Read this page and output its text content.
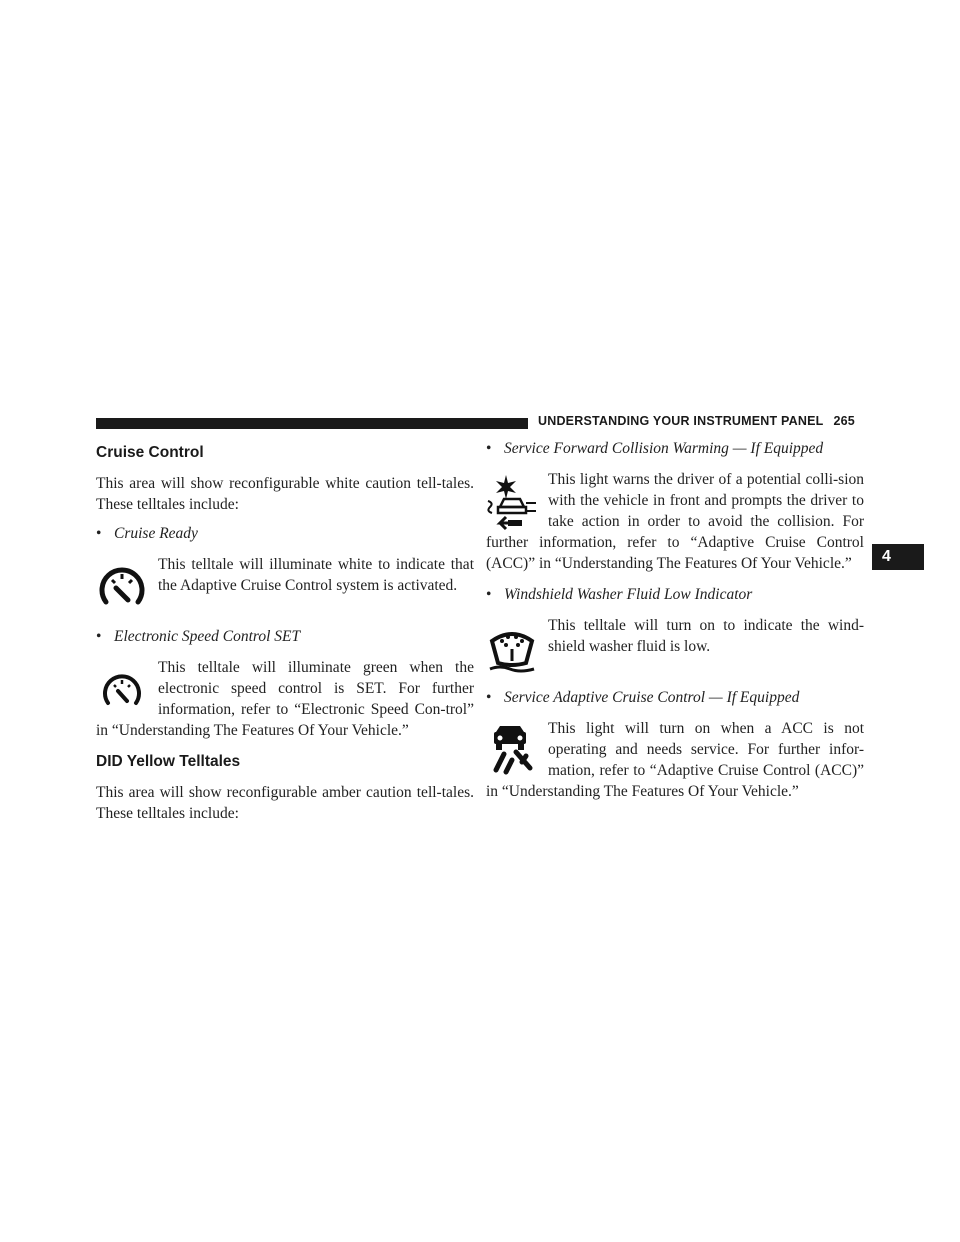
UNDERSTANDING YOUR INSTRUMENT PANEL 265
4
Cruise Control

This area will show reconfigurable white caution tell-tales. These telltales include:

• Cruise Ready
This telltale will illuminate white to indicate that the Adaptive Cruise Control system is activated.
• Electronic Speed Control SET
This telltale will illuminate green when the electronic speed control is SET. For further information, refer to “Electronic Speed Con-trol” in “Understanding The Features Of Your Vehicle.”
DID Yellow Telltales

This area will show reconfigurable amber caution tell-tales. These telltales include:

• Service Forward Collision Warming — If Equipped
This light warns the driver of a potential colli-sion with the vehicle in front and prompts the driver to take action in order to avoid the collision. For further information, refer to “Adaptive Cruise Control (ACC)” in “Understanding The Features Of Your Vehicle.”
• Windshield Washer Fluid Low Indicator
This telltale will turn on to indicate the wind-shield washer fluid is low.
• Service Adaptive Cruise Control — If Equipped
This light will turn on when a ACC is not operating and needs service. For further infor-mation, refer to “Adaptive Cruise Control (ACC)” in “Understanding The Features Of Your Vehicle.”
